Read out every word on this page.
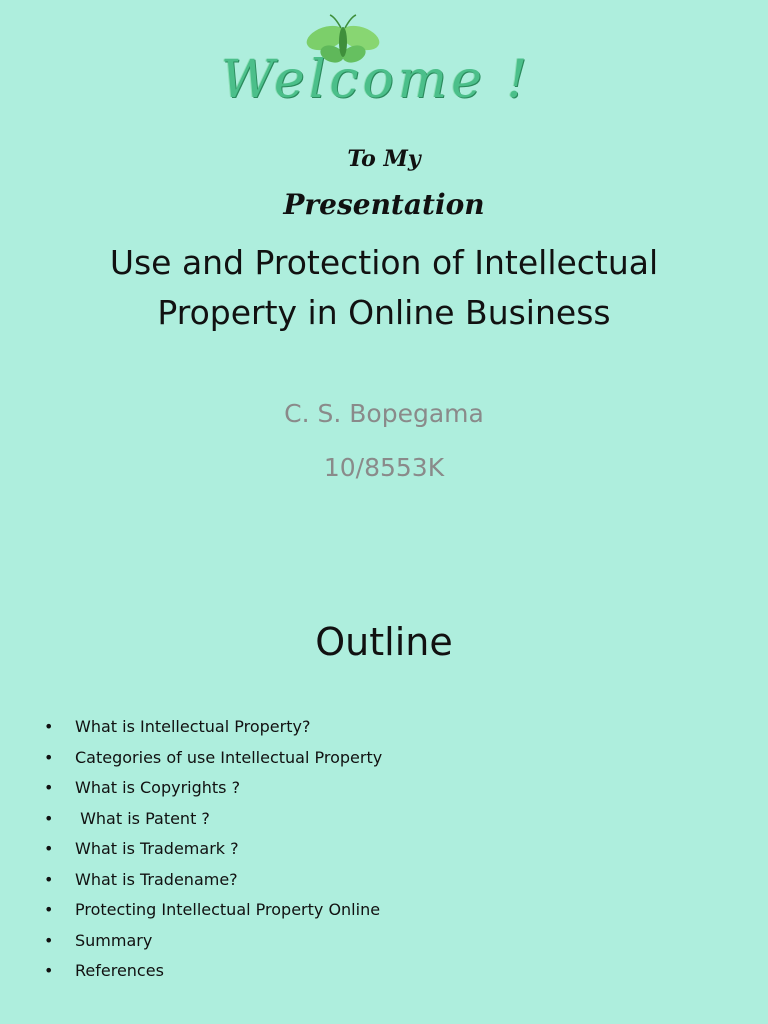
Welcome !
To My
Presentation
Use and Protection of Intellectual
Property in Online Business
C. S. Bopegama
10/8553K
Outline
• What is Intellectual Property?
• Categories of use Intellectual Property
• What is Copyrights ?
• What is Patent ?
• What is Trademark ?
• What is Tradename?
• Protecting Intellectual Property Online
• Summary
• References
